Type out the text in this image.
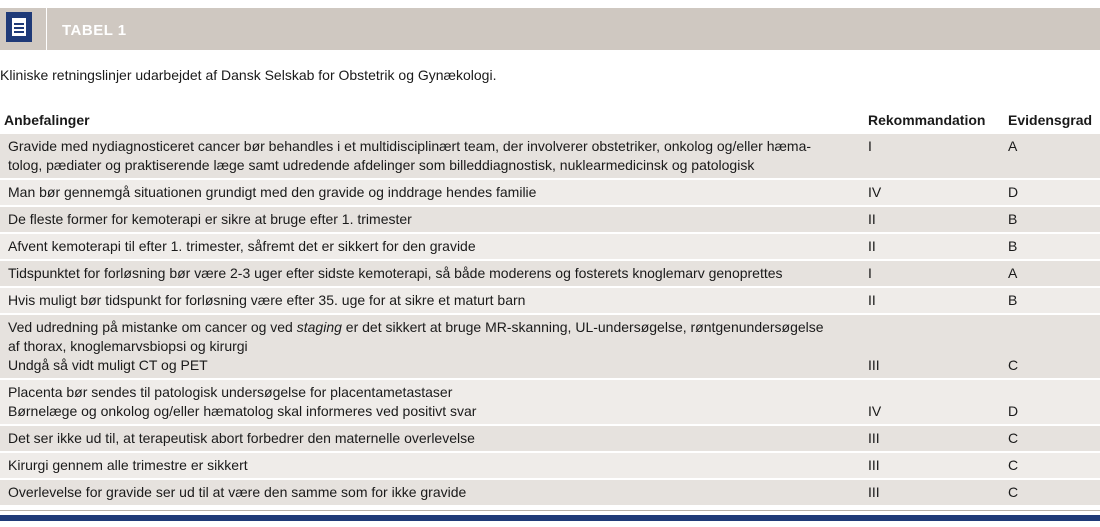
TABEL 1
Kliniske retningslinjer udarbejdet af Dansk Selskab for Obstetrik og Gynækologi.
Anbefalinger	Rekommandation	Evidensgrad

Gravide med nydiagnosticeret cancer bør behandles i et multidisciplinært team, der involverer obstetriker, onkolog og/eller hæma-
tolog, pædiater og praktiserende læge samt udredende afdelinger som billeddiagnostisk, nuklearmedicinsk og patologisk	I	A

Man bør gennemgå situationen grundigt med den gravide og inddrage hendes familie	IV	D

De fleste former for kemoterapi er sikre at bruge efter 1. trimester	II	B

Afvent kemoterapi til efter 1. trimester, såfremt det er sikkert for den gravide	II	B

Tidspunktet for forløsning bør være 2-3 uger efter sidste kemoterapi, så både moderens og fosterets knoglemarv genoprettes	I	A

Hvis muligt bør tidspunkt for forløsning være efter 35. uge for at sikre et maturt barn	II	B

Ved udredning på mistanke om cancer og ved staging er det sikkert at bruge MR-skanning, UL-undersøgelse, røntgenundersøgelse
af thorax, knoglemarvsbiopsi og kirurgi
Undgå så vidt muligt CT og PET	III	C

Placenta bør sendes til patologisk undersøgelse for placentametastaser
Børnelæge og onkolog og/eller hæmatolog skal informeres ved positivt svar	IV	D

Det ser ikke ud til, at terapeutisk abort forbedrer den maternelle overlevelse	III	C

Kirurgi gennem alle trimestre er sikkert	III	C

Overlevelse for gravide ser ud til at være den samme som for ikke gravide	III	C
